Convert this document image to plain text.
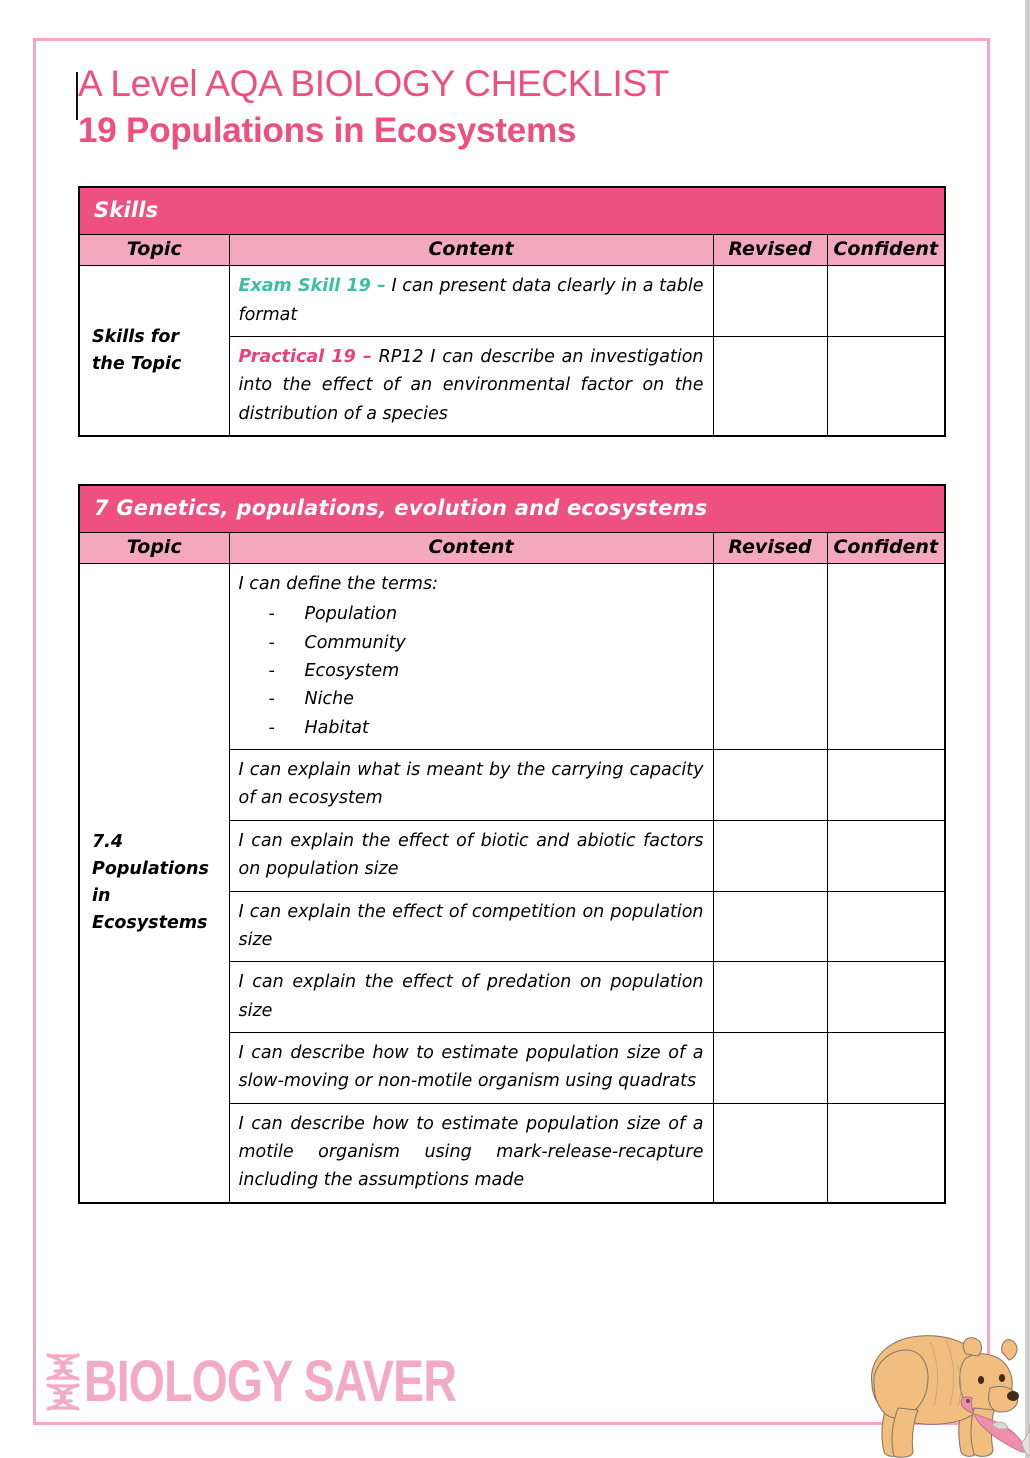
A Level AQA BIOLOGY CHECKLIST
19 Populations in Ecosystems
Skills			
Topic	Content	Revised	Confident
Skills for the Topic	Exam Skill 19 – I can present data clearly in a table format		
	Practical 19 – RP12 I can describe an investigation into the effect of an environmental factor on the distribution of a species		
7 Genetics, populations, evolution and ecosystems			
Topic	Content	Revised	Confident
7.4 Populations in Ecosystems	I can define the terms:
- Population
- Community
- Ecosystem
- Niche
- Habitat

	I can explain what is meant by the carrying capacity of an ecosystem		
	I can explain the effect of biotic and abiotic factors on population size		
	I can explain the effect of competition on population size		
	I can explain the effect of predation on population size		
	I can describe how to estimate population size of a slow-moving or non-motile organism using quadrats		
	I can describe how to estimate population size of a motile organism using mark-release-recapture including the assumptions made		
BIOLOGY SAVER
